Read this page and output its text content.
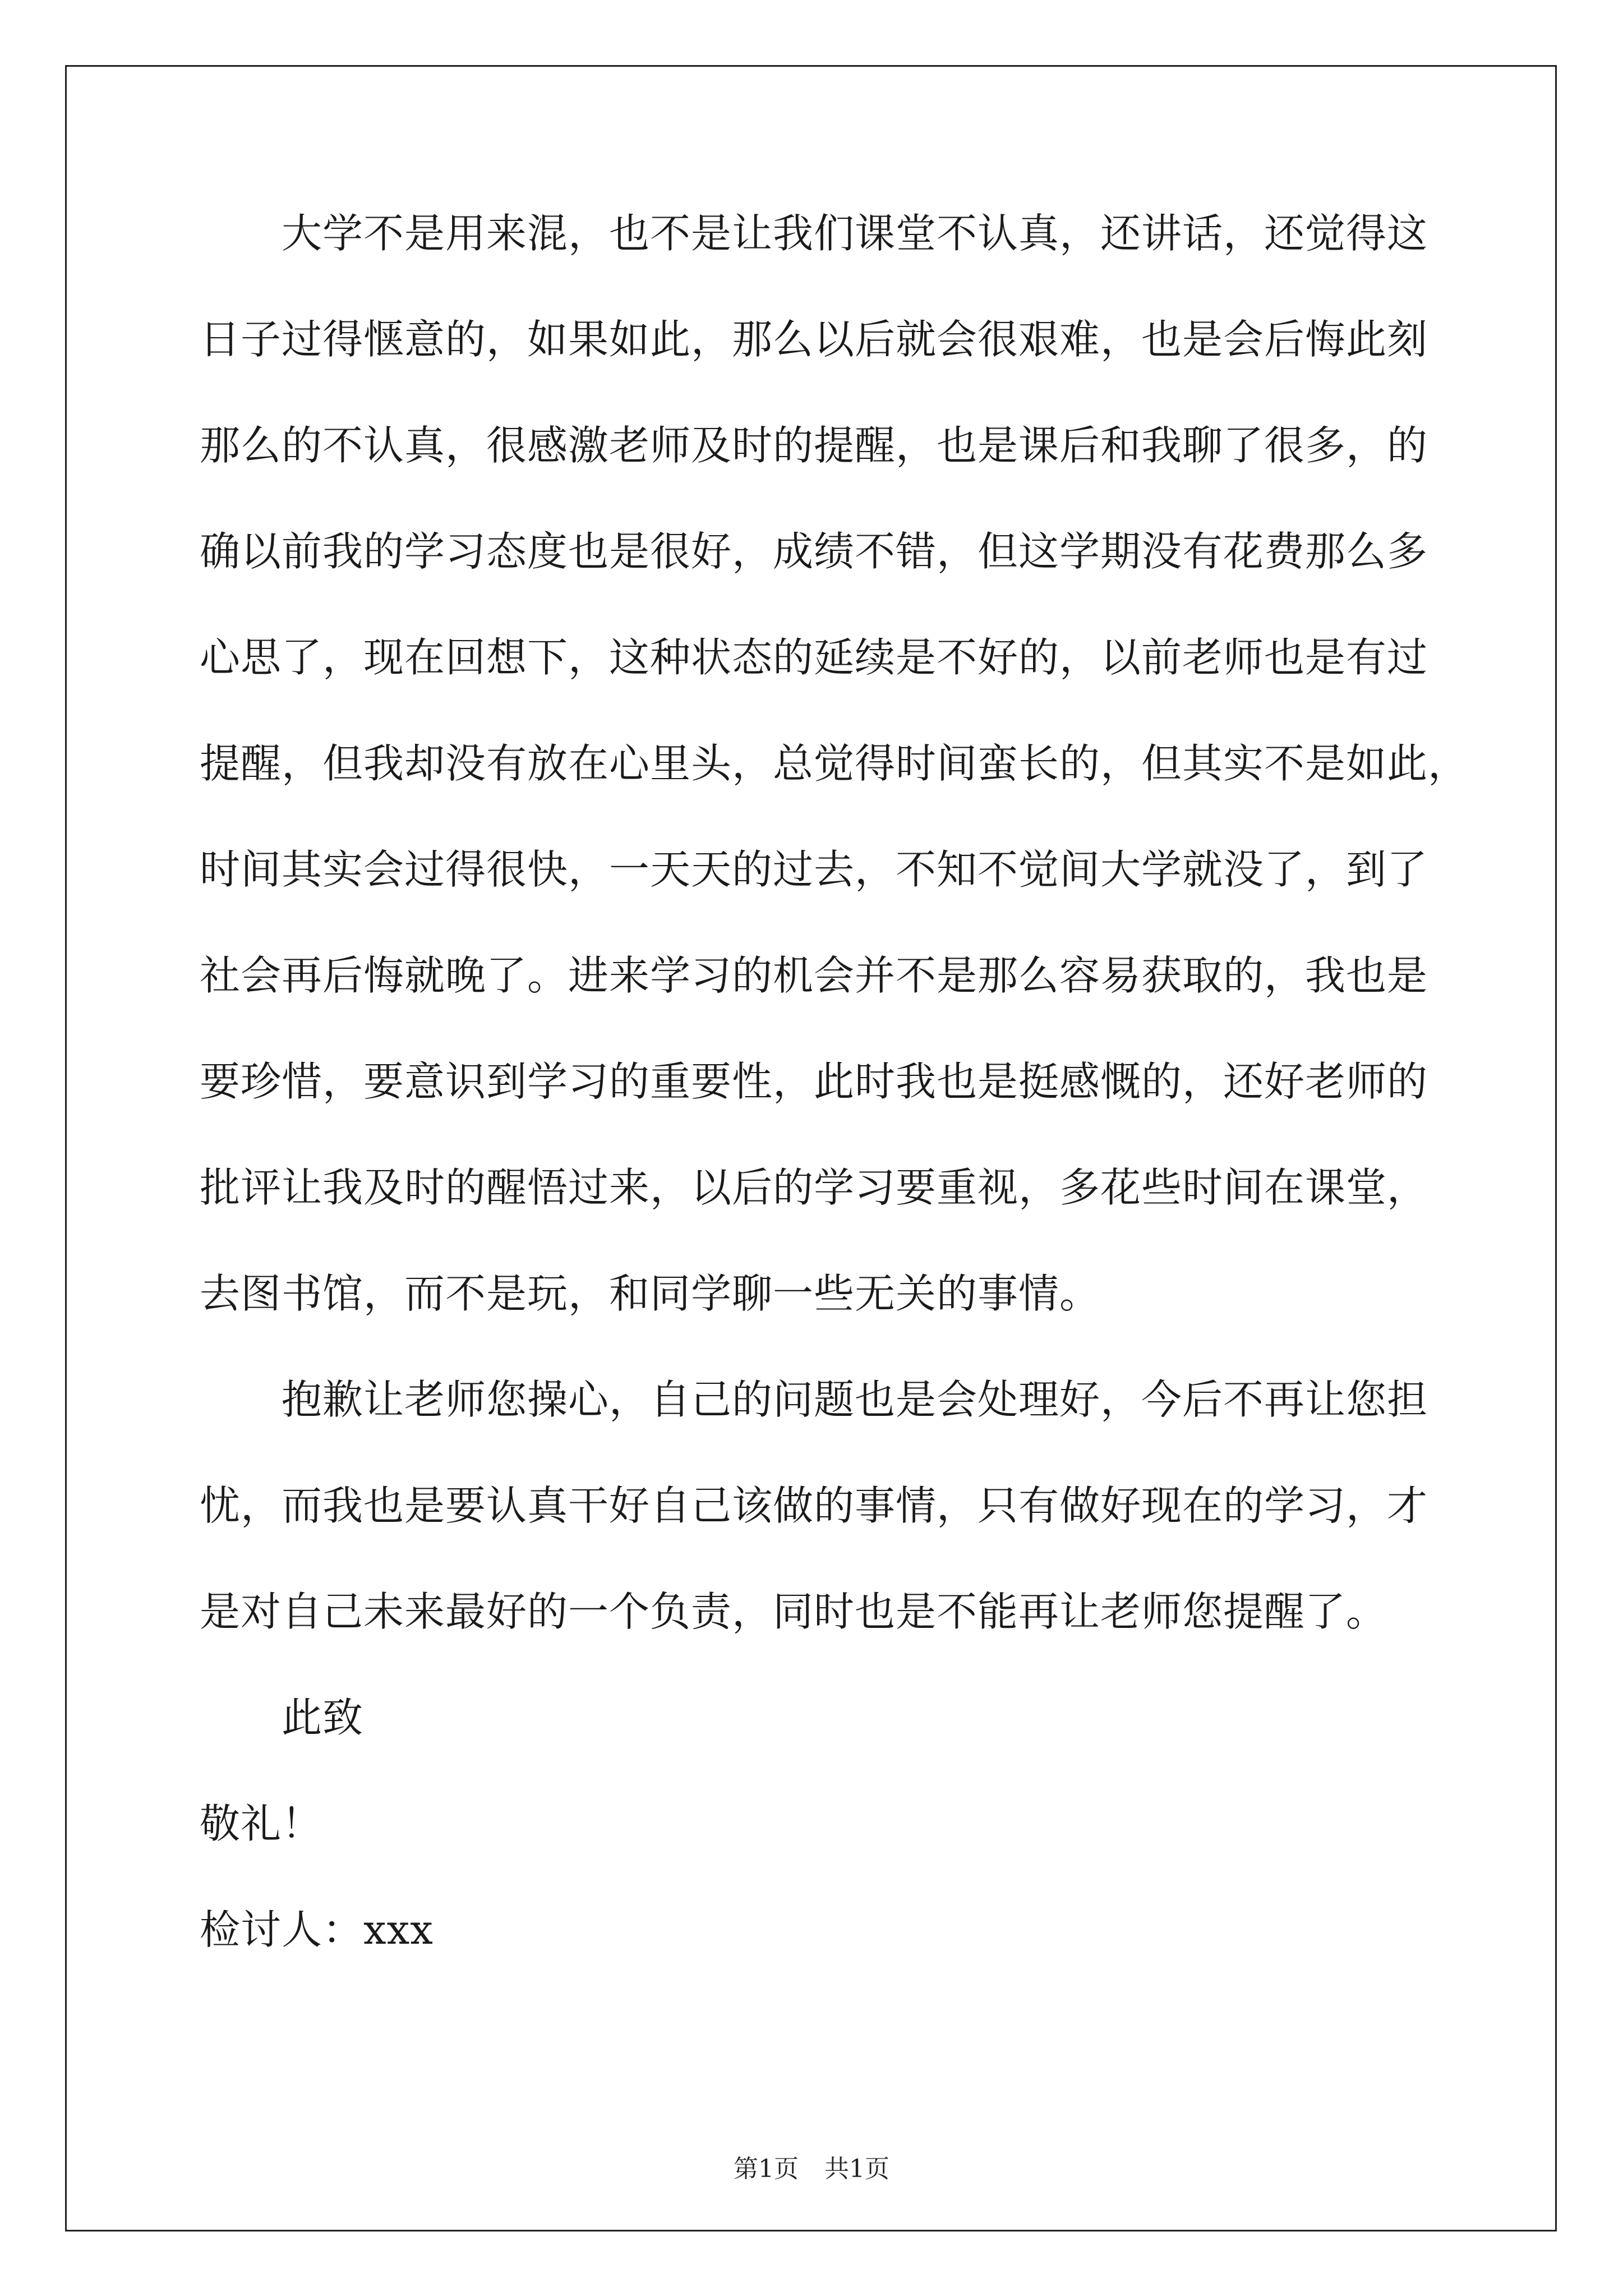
大学不是用来混，也不是让我们课堂不认真，还讲话，还觉得这
日子过得惬意的，如果如此，那么以后就会很艰难，也是会后悔此刻
那么的不认真，很感激老师及时的提醒，也是课后和我聊了很多，的
确以前我的学习态度也是很好，成绩不错，但这学期没有花费那么多
心思了，现在回想下，这种状态的延续是不好的，以前老师也是有过
提醒，但我却没有放在心里头，总觉得时间蛮长的，但其实不是如此，
时间其实会过得很快，一天天的过去，不知不觉间大学就没了，到了
社会再后悔就晚了。进来学习的机会并不是那么容易获取的，我也是
要珍惜，要意识到学习的重要性，此时我也是挺感慨的，还好老师的
批评让我及时的醒悟过来，以后的学习要重视，多花些时间在课堂，
去图书馆，而不是玩，和同学聊一些无关的事情。
抱歉让老师您操心，自己的问题也是会处理好，今后不再让您担
忧，而我也是要认真干好自己该做的事情，只有做好现在的学习，才
是对自己未来最好的一个负责，同时也是不能再让老师您提醒了。
此致
敬礼！
检讨人：xxx
第1页 共1页
